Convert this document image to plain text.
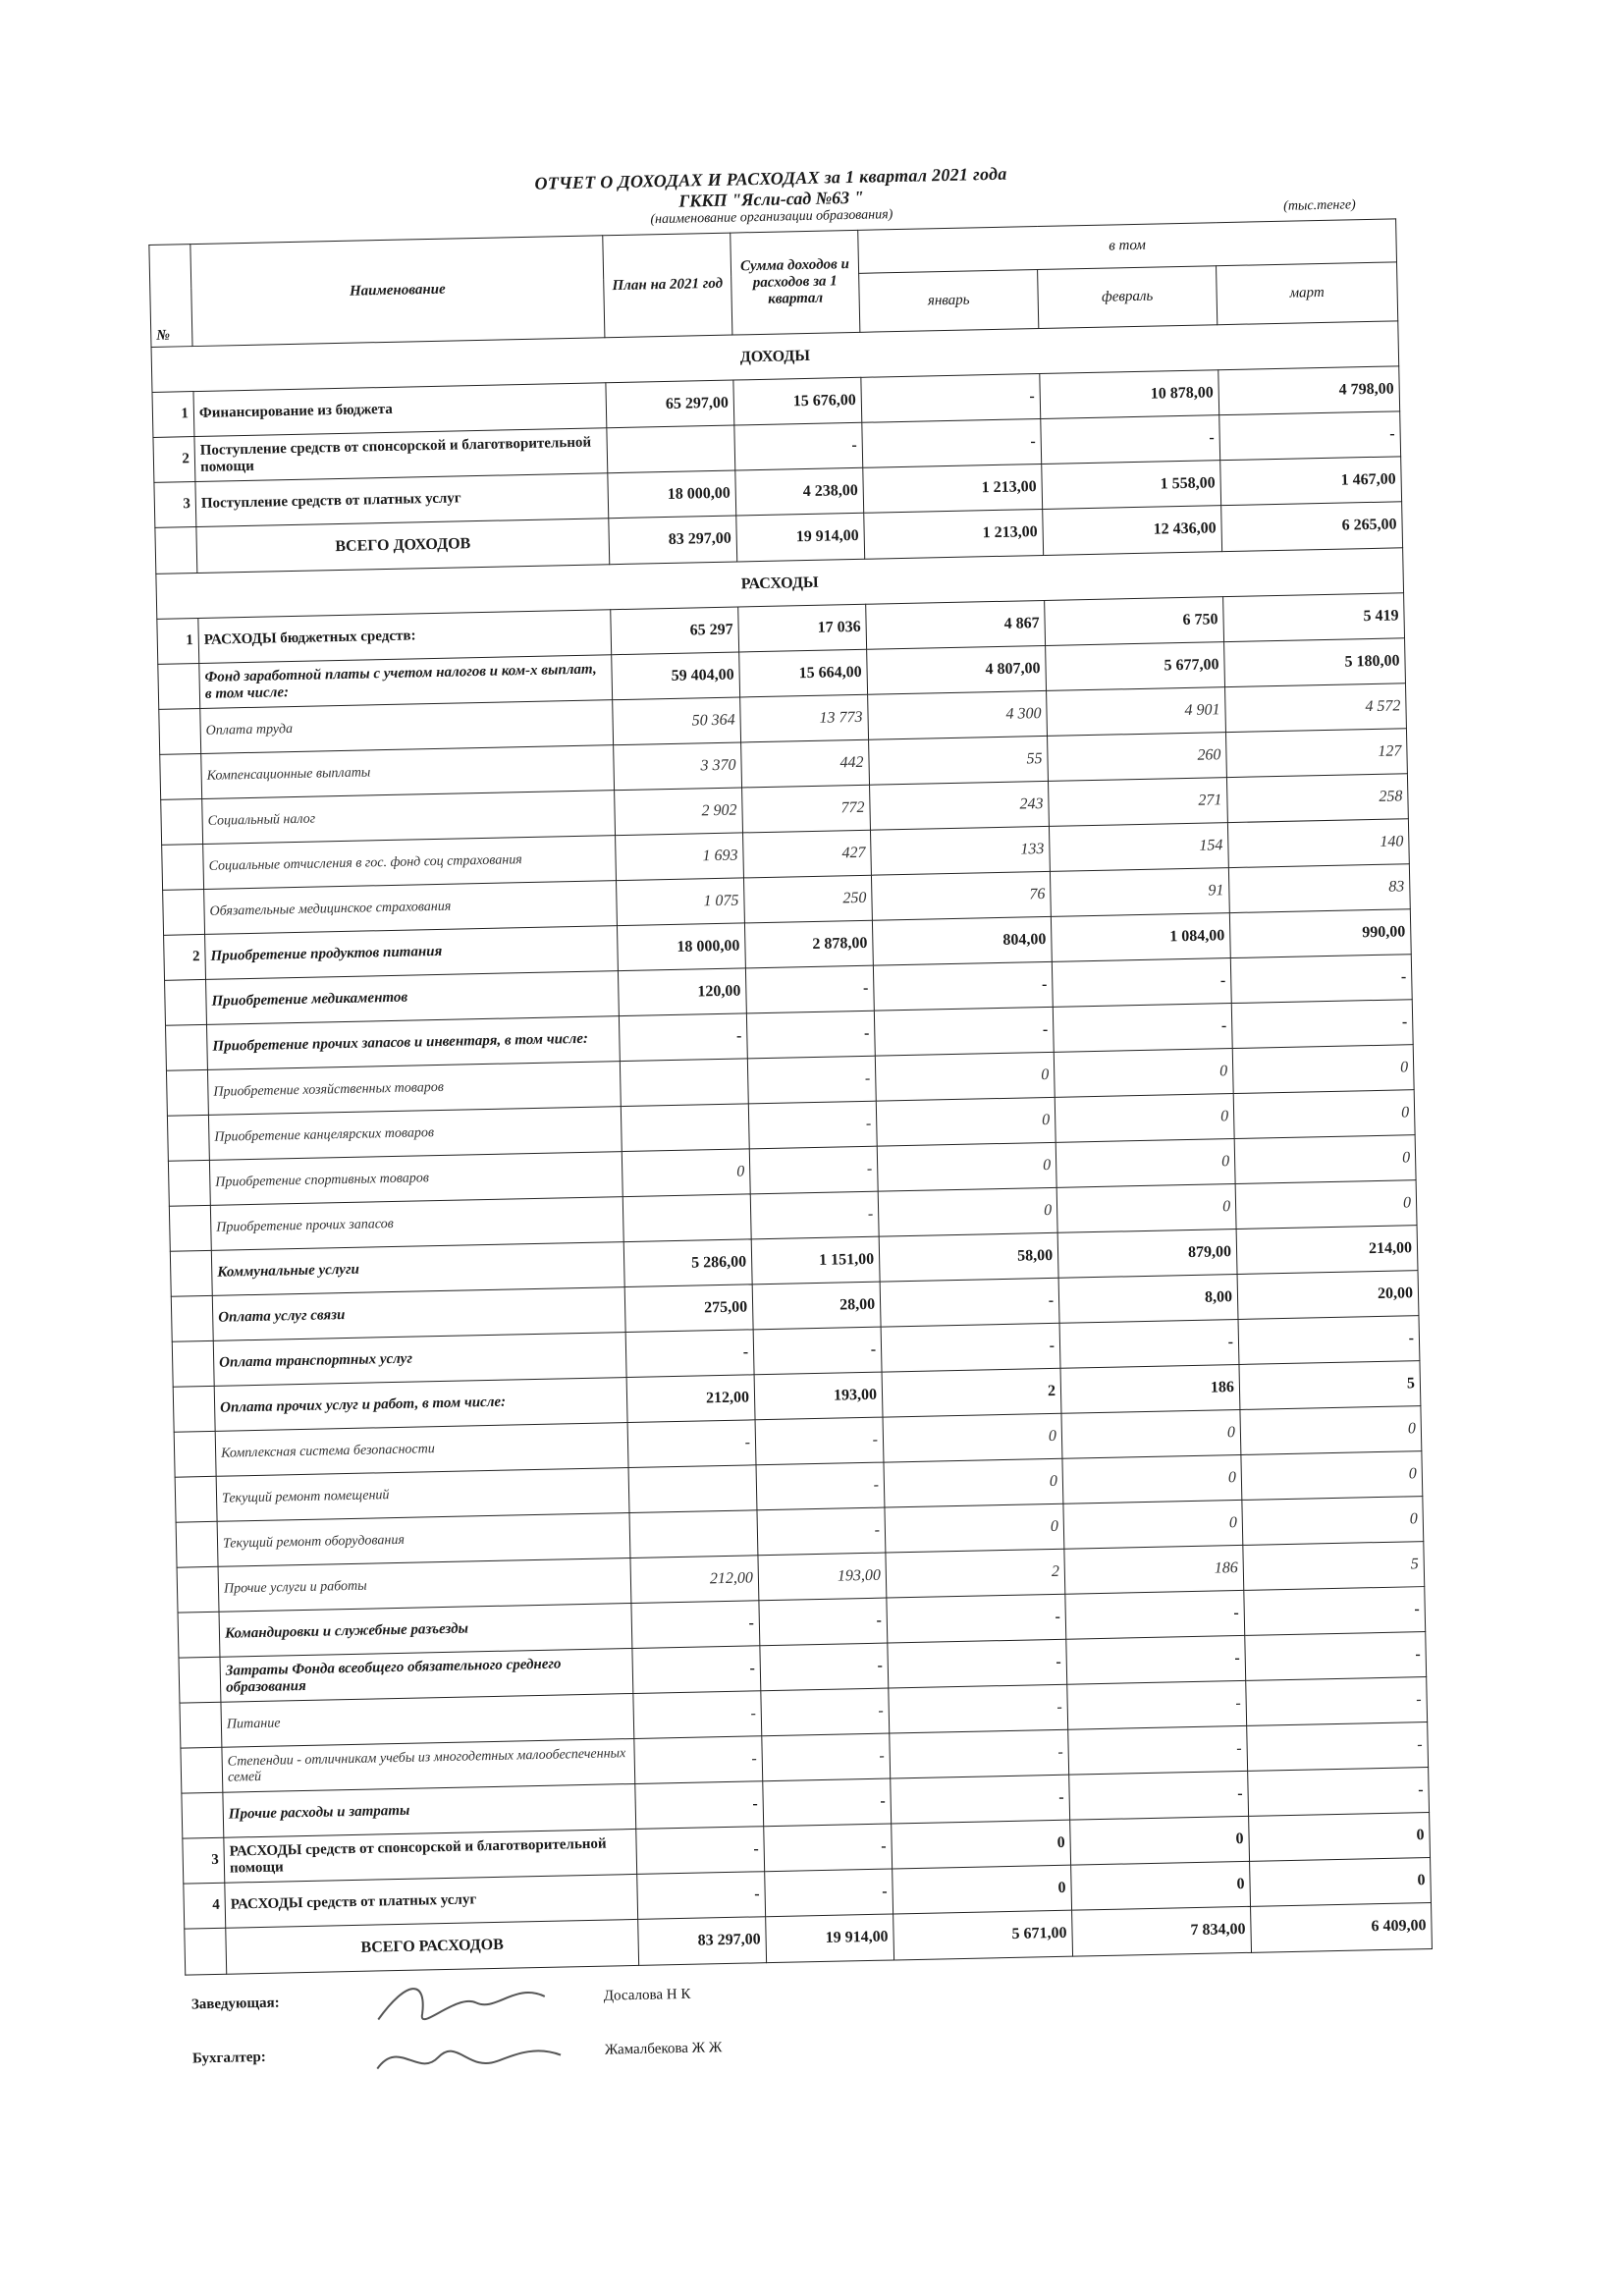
ОТЧЕТ О ДОХОДАХ И РАСХОДАХ за 1 квартал 2021 года
ГККП "Ясли-сад №63 "
(наименование организации образования)
(тыс.тенге)
№	Наименование	План на 2021 год	Сумма доходов и расходов за 1 квартал	в том		
				январь	февраль	март
ДОХОДЫ						
1	Финансирование из бюджета	65 297,00	15 676,00	-	10 878,00	4 798,00
2	Поступление средств от спонсорской и благотворительной помощи		-	-	-	-
3	Поступление средств от платных услуг	18 000,00	4 238,00	1 213,00	1 558,00	1 467,00
	ВСЕГО ДОХОДОВ	83 297,00	19 914,00	1 213,00	12 436,00	6 265,00
РАСХОДЫ						
1	РАСХОДЫ бюджетных средств:	65 297	17 036	4 867	6 750	5 419
	Фонд заработной платы с учетом налогов и ком-х выплат, в том числе:	59 404,00	15 664,00	4 807,00	5 677,00	5 180,00
	Оплата труда	50 364	13 773	4 300	4 901	4 572
	Компенсационные выплаты	3 370	442	55	260	127
	Социальный налог	2 902	772	243	271	258
	Социальные отчисления в гос. фонд соц страхования	1 693	427	133	154	140
	Обязательные медицинское страхования	1 075	250	76	91	83
2	Приобретение продуктов питания	18 000,00	2 878,00	804,00	1 084,00	990,00
	Приобретение медикаментов	120,00	-	-	-	-
	Приобретение прочих запасов и инвентаря, в том числе:	-	-	-	-	-
	Приобретение хозяйственных товаров		-	0	0	0
	Приобретение канцелярских товаров		-	0	0	0
	Приобретение спортивных товаров	0	-	0	0	0
	Приобретение прочих запасов		-	0	0	0
	Коммунальные услуги	5 286,00	1 151,00	58,00	879,00	214,00
	Оплата услуг связи	275,00	28,00	-	8,00	20,00
	Оплата транспортных услуг	-	-	-	-	-
	Оплата прочих услуг и работ, в том числе:	212,00	193,00	2	186	5
	Комплексная система безопасности	-	-	0	0	0
	Текущий ремонт помещений		-	0	0	0
	Текущий ремонт оборудования		-	0	0	0
	Прочие услуги и работы	212,00	193,00	2	186	5
	Командировки и служебные разъезды	-	-	-	-	-
	Затраты Фонда всеобщего обязательного среднего образования	-	-	-	-	-
	Питание	-	-	-	-	-
	Степендии - отличникам учебы из многодетных малообеспеченных семей	-	-	-	-	-
	Прочие расходы и затраты	-	-	-	-	-
3	РАСХОДЫ средств от спонсорской и благотворительной помощи	-	-	0	0	0
4	РАСХОДЫ средств от платных услуг	-	-	0	0	0
	ВСЕГО РАСХОДОВ	83 297,00	19 914,00	5 671,00	7 834,00	6 409,00
Заведующая:	Досалова Н К
Бухгалтер:
Жамалбекова Ж Ж
